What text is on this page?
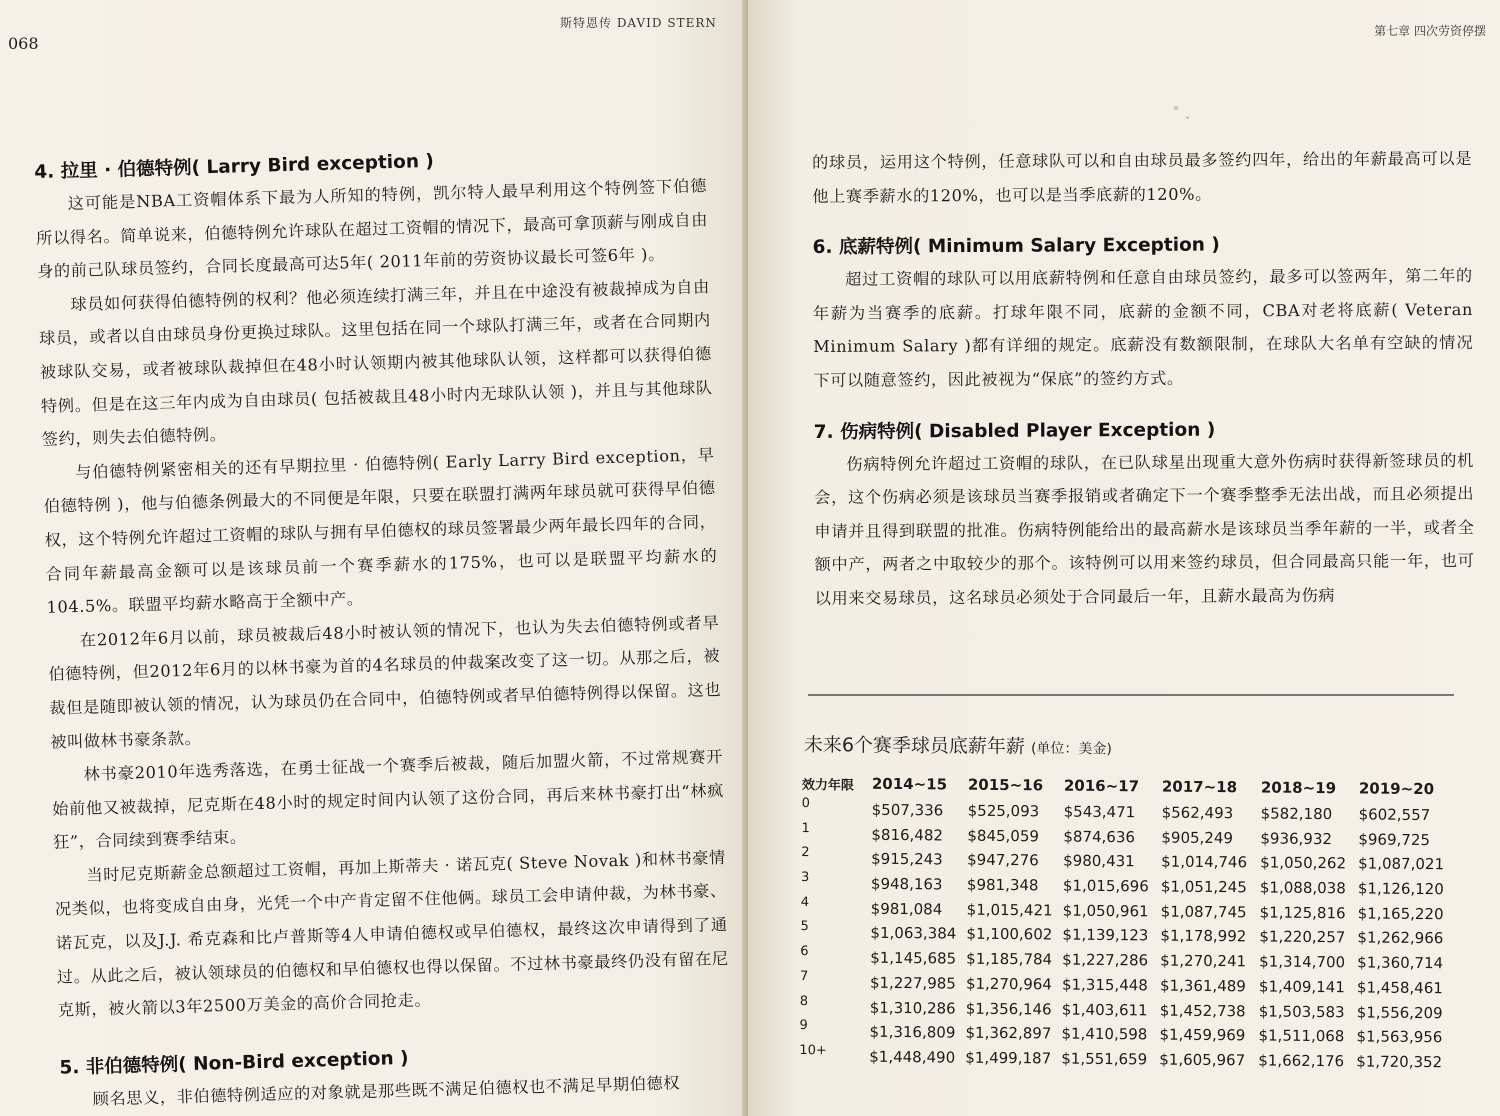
068
斯特恩传 DAVID STERN
4. 拉里 · 伯德特例( Larry Bird exception )

这可能是NBA工资帽体系下最为人所知的特例，凯尔特人最早利用这个特例签下伯德所以得名。简单说来，伯德特例允许球队在超过工资帽的情况下，最高可拿顶薪与刚成自由身的前己队球员签约，合同长度最高可达5年( 2011年前的劳资协议最长可签6年 )。

球员如何获得伯德特例的权利？他必须连续打满三年，并且在中途没有被裁掉成为自由球员，或者以自由球员身份更换过球队。这里包括在同一个球队打满三年，或者在合同期内被球队交易，或者被球队裁掉但在48小时认领期内被其他球队认领，这样都可以获得伯德特例。但是在这三年内成为自由球员( 包括被裁且48小时内无球队认领 )，并且与其他球队签约，则失去伯德特例。

与伯德特例紧密相关的还有早期拉里 · 伯德特例( Early Larry Bird exception，早伯德特例 )，他与伯德条例最大的不同便是年限，只要在联盟打满两年球员就可获得早伯德权，这个特例允许超过工资帽的球队与拥有早伯德权的球员签署最少两年最长四年的合同，合同年薪最高金额可以是该球员前一个赛季薪水的175%，也可以是联盟平均薪水的104.5%。联盟平均薪水略高于全额中产。

在2012年6月以前，球员被裁后48小时被认领的情况下，也认为失去伯德特例或者早伯德特例，但2012年6月的以林书豪为首的4名球员的仲裁案改变了这一切。从那之后，被裁但是随即被认领的情况，认为球员仍在合同中，伯德特例或者早伯德特例得以保留。这也被叫做林书豪条款。

林书豪2010年选秀落选，在勇士征战一个赛季后被裁，随后加盟火箭，不过常规赛开始前他又被裁掉，尼克斯在48小时的规定时间内认领了这份合同，再后来林书豪打出“林疯狂”，合同续到赛季结束。

当时尼克斯薪金总额超过工资帽，再加上斯蒂夫 · 诺瓦克( Steve Novak )和林书豪情况类似，也将变成自由身，光凭一个中产肯定留不住他俩。球员工会申请仲裁，为林书豪、诺瓦克，以及J.J. 希克森和比卢普斯等4人申请伯德权或早伯德权，最终这次申请得到了通过。从此之后，被认领球员的伯德权和早伯德权也得以保留。不过林书豪最终仍没有留在尼克斯，被火箭以3年2500万美金的高价合同抢走。

5. 非伯德特例( Non-Bird exception )

顾名思义，非伯德特例适应的对象就是那些既不满足伯德权也不满足早期伯德权

第七章 四次劳资停摆

的球员，运用这个特例，任意球队可以和自由球员最多签约四年，给出的年薪最高可以是他上赛季薪水的120%，也可以是当季底薪的120%。

6. 底薪特例( Minimum Salary Exception )

超过工资帽的球队可以用底薪特例和任意自由球员签约，最多可以签两年，第二年的年薪为当赛季的底薪。打球年限不同，底薪的金额不同，CBA对老将底薪( Veteran Minimum Salary )都有详细的规定。底薪没有数额限制，在球队大名单有空缺的情况下可以随意签约，因此被视为“保底”的签约方式。

7. 伤病特例( Disabled Player Exception )

伤病特例允许超过工资帽的球队，在已队球星出现重大意外伤病时获得新签球员的机会，这个伤病必须是该球员当赛季报销或者确定下一个赛季整季无法出战，而且必须提出申请并且得到联盟的批准。伤病特例能给出的最高薪水是该球员当季年薪的一半，或者全额中产，两者之中取较少的那个。该特例可以用来签约球员，但合同最高只能一年，也可以用来交易球员，这名球员必须处于合同最后一年，且薪水最高为伤病

未来6个赛季球员底薪年薪 (单位：美金)
效力年限 2014~15 2015~16 2016~17 2017~18 2018~19 2019~20
0	$507,336 $525,093 $543,471 $562,493 $582,180 $602,557
1	$816,482 $845,059 $874,636 $905,249 $936,932 $969,725
2	$915,243 $947,276 $980,431 $1,014,746 $1,050,262 $1,087,021
3	$948,163 $981,348 $1,015,696 $1,051,245 $1,088,038 $1,126,120
4	$981,084 $1,015,421 $1,050,961 $1,087,745 $1,125,816 $1,165,220
5	$1,063,384 $1,100,602 $1,139,123 $1,178,992 $1,220,257 $1,262,966
6	$1,145,685 $1,185,784 $1,227,286 $1,270,241 $1,314,700 $1,360,714
7	$1,227,985 $1,270,964 $1,315,448 $1,361,489 $1,409,141 $1,458,461
8	$1,310,286 $1,356,146 $1,403,611 $1,452,738 $1,503,583 $1,556,209
9	$1,316,809 $1,362,897 $1,410,598 $1,459,969 $1,511,068 $1,563,956
10+	$1,448,490 $1,499,187 $1,551,659 $1,605,967 $1,662,176 $1,720,352
